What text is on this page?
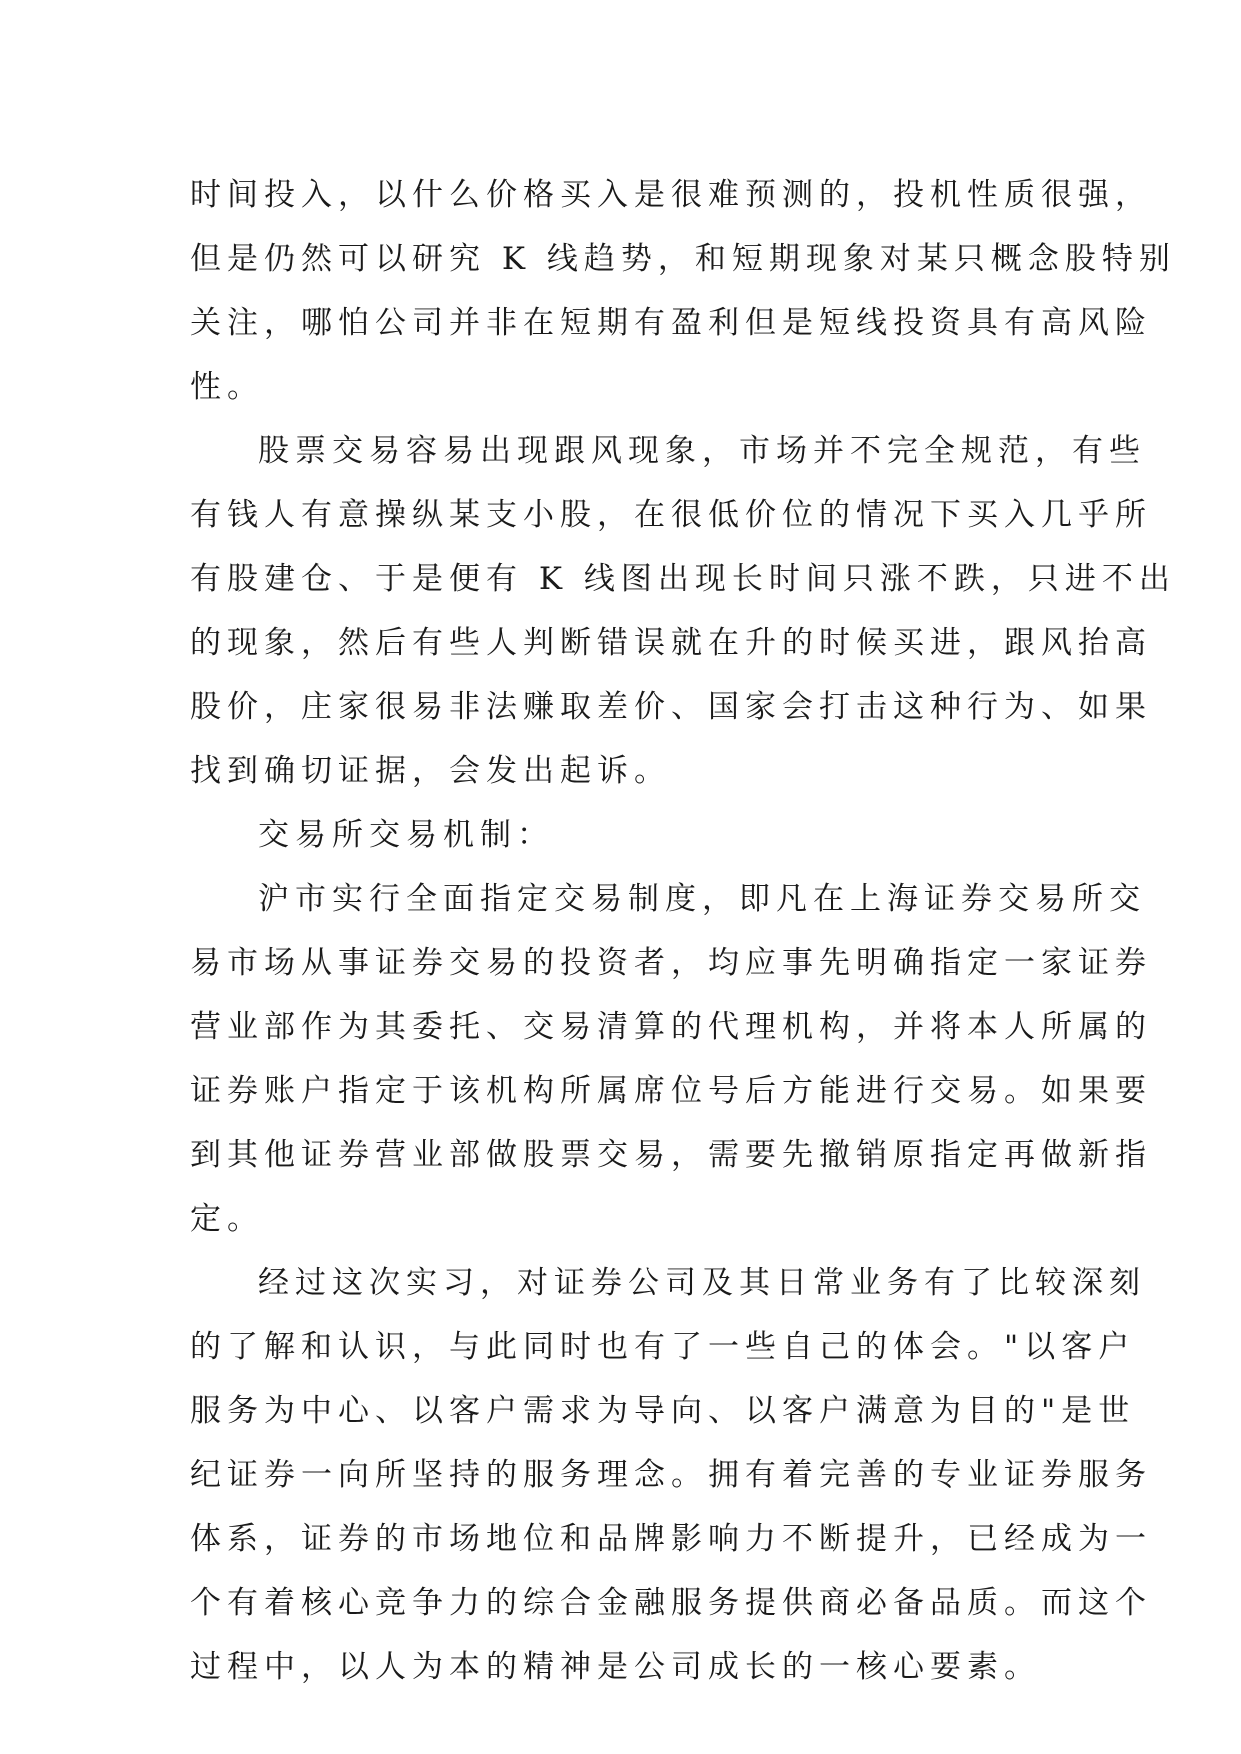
时间投入，以什么价格买入是很难预测的，投机性质很强，
但是仍然可以研究 K 线趋势，和短期现象对某只概念股特别
关注，哪怕公司并非在短期有盈利但是短线投资具有高风险
性。
股票交易容易出现跟风现象，市场并不完全规范，有些
有钱人有意操纵某支小股，在很低价位的情况下买入几乎所
有股建仓、于是便有 K 线图出现长时间只涨不跌，只进不出
的现象，然后有些人判断错误就在升的时候买进，跟风抬高
股价，庄家很易非法赚取差价、国家会打击这种行为、如果
找到确切证据，会发出起诉。
交易所交易机制：
沪市实行全面指定交易制度，即凡在上海证券交易所交
易市场从事证券交易的投资者，均应事先明确指定一家证券
营业部作为其委托、交易清算的代理机构，并将本人所属的
证券账户指定于该机构所属席位号后方能进行交易。如果要
到其他证券营业部做股票交易，需要先撤销原指定再做新指
定。
经过这次实习，对证券公司及其日常业务有了比较深刻
的了解和认识，与此同时也有了一些自己的体会。"以客户
服务为中心、以客户需求为导向、以客户满意为目的"是世
纪证券一向所坚持的服务理念。拥有着完善的专业证券服务
体系，证券的市场地位和品牌影响力不断提升，已经成为一
个有着核心竞争力的综合金融服务提供商必备品质。而这个
过程中，以人为本的精神是公司成长的一核心要素。
